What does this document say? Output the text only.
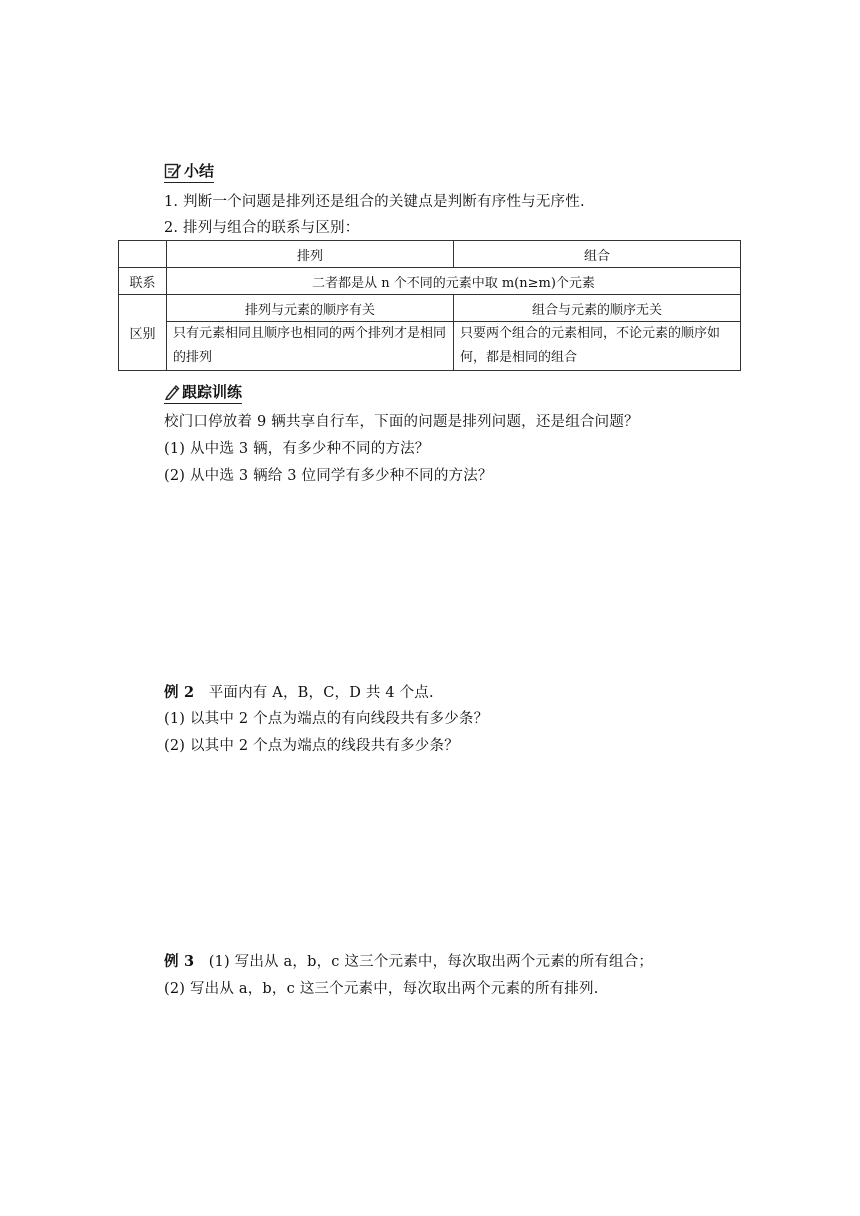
小结
1. 判断一个问题是排列还是组合的关键点是判断有序性与无序性.
2. 排列与组合的联系与区别：
	排列	组合
联系	二者都是从 n 个不同的元素中取 m(n≥m)个元素	
区别	排列与元素的顺序有关	组合与元素的顺序无关
	只有元素相同且顺序也相同的两个排列才是相同的排列	只要两个组合的元素相同，不论元素的顺序如何，都是相同的组合
跟踪训练
校门口停放着 9 辆共享自行车，下面的问题是排列问题，还是组合问题？
(1) 从中选 3 辆，有多少种不同的方法？
(2) 从中选 3 辆给 3 位同学有多少种不同的方法？
例 2 平面内有 A，B，C，D 共 4 个点.
(1) 以其中 2 个点为端点的有向线段共有多少条？
(2) 以其中 2 个点为端点的线段共有多少条？
例 3 (1) 写出从 a，b，c 这三个元素中，每次取出两个元素的所有组合；
(2) 写出从 a，b，c 这三个元素中，每次取出两个元素的所有排列.
